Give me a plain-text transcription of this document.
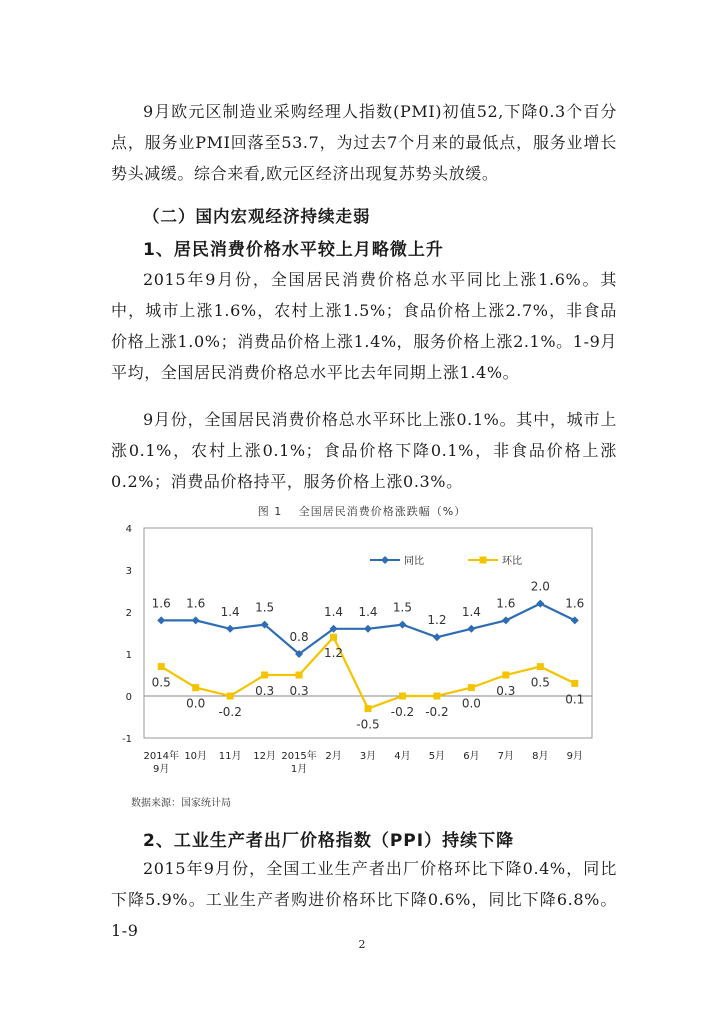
9月欧元区制造业采购经理人指数(PMI)初值52,下降0.3个百分点，服务业PMI回落至53.7，为过去7个月来的最低点，服务业增长势头减缓。综合来看,欧元区经济出现复苏势头放缓。

（二）国内宏观经济持续走弱

1、居民消费价格水平较上月略微上升

2015年9月份，全国居民消费价格总水平同比上涨1.6%。其中，城市上涨1.6%，农村上涨1.5%；食品价格上涨2.7%，非食品价格上涨1.0%；消费品价格上涨1.4%，服务价格上涨2.1%。1-9月平均，全国居民消费价格总水平比去年同期上涨1.4%。

9月份，全国居民消费价格总水平环比上涨0.1%。其中，城市上涨0.1%，农村上涨0.1%；食品价格下降0.1%，非食品价格上涨0.2%；消费品价格持平，服务价格上涨0.3%。

图 1　 全国居民消费价格涨跌幅（%）
-1
0
1
2
3
4
2014年
9月
10月 11月 12月 2015年
1月
2月 3月 4月 5月 6月 7月 8月 9月
1.6 1.6
1.4 1.5
0.8
1.4 1.4 1.5
1.2
1.4
1.6
2.0
1.6
0.5
0.0
-0.2
0.3 0.3
1.2
-0.5
-0.2 -0.2
0.0
0.3
0.5
0.1
同比	环比
数据来源：国家统计局

2、工业生产者出厂价格指数（PPI）持续下降

2015年9月份，全国工业生产者出厂价格环比下降0.4%，同比下降5.9%。工业生产者购进价格环比下降0.6%，同比下降6.8%。1-9

2
